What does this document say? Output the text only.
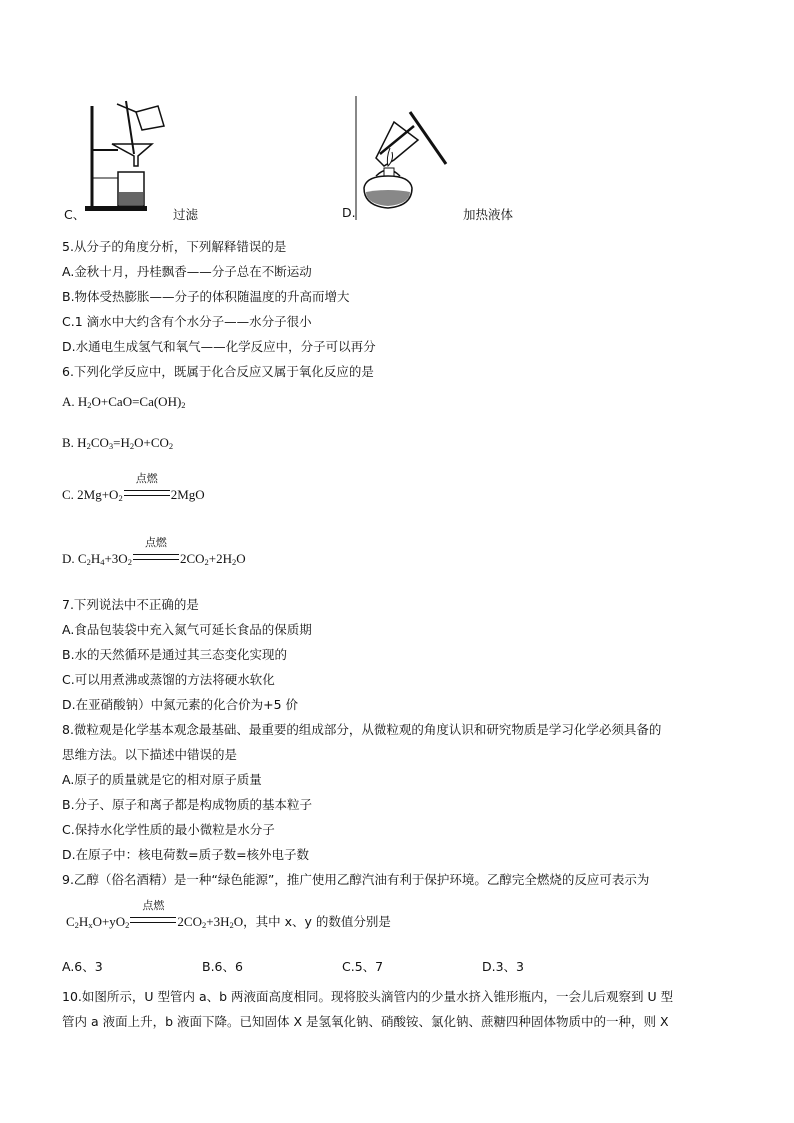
C、	过滤	D.	加热液体
5.从分子的角度分析，下列解释错误的是
A.金秋十月，丹桂飘香——分子总在不断运动
B.物体受热膨胀——分子的体积随温度的升高而增大
C.1 滴水中大约含有个水分子——水分子很小
D.水通电生成氢气和氧气——化学反应中，分子可以再分
6.下列化学反应中，既属于化合反应又属于氧化反应的是
A. $H_2O+CaO=Ca(OH)_2$
B. $H_2CO_3=H_2O+CO_2$
C. $2Mg+O_2$
点燃
2MgO
D. $C_2H_4+3O_2$
点燃
$2CO_2+2H_2O$
7.下列说法中不正确的是
A.食品包装袋中充入氮气可延长食品的保质期
B.水的天然循环是通过其三态变化实现的
C.可以用煮沸或蒸馏的方法将硬水软化
D.在亚硝酸钠）中氮元素的化合价为+5 价
8.微粒观是化学基本观念最基础、最重要的组成部分，从微粒观的角度认识和研究物质是学习化学必须具备的
思维方法。以下描述中错误的是
A.原子的质量就是它的相对原子质量
B.分子、原子和离子都是构成物质的基本粒子
C.保持水化学性质的最小微粒是水分子
D.在原子中：核电荷数=质子数=核外电子数
9.乙醇（俗名酒精）是一种“绿色能源”，推广使用乙醇汽油有利于保护环境。乙醇完全燃烧的反应可表示为
$C_2H_xO+yO_2$
点燃
$2CO_2+3H_2O$，其中 x、y 的数值分别是
A.6、3	B.6、6	C.5、7	D.3、3
10.如图所示，U 型管内 a、b 两液面高度相同。现将胶头滴管内的少量水挤入锥形瓶内，一会儿后观察到 U 型
管内 a 液面上升，b 液面下降。已知固体 X 是氢氧化钠、硝酸铵、氯化钠、蔗糖四种固体物质中的一种，则 X
